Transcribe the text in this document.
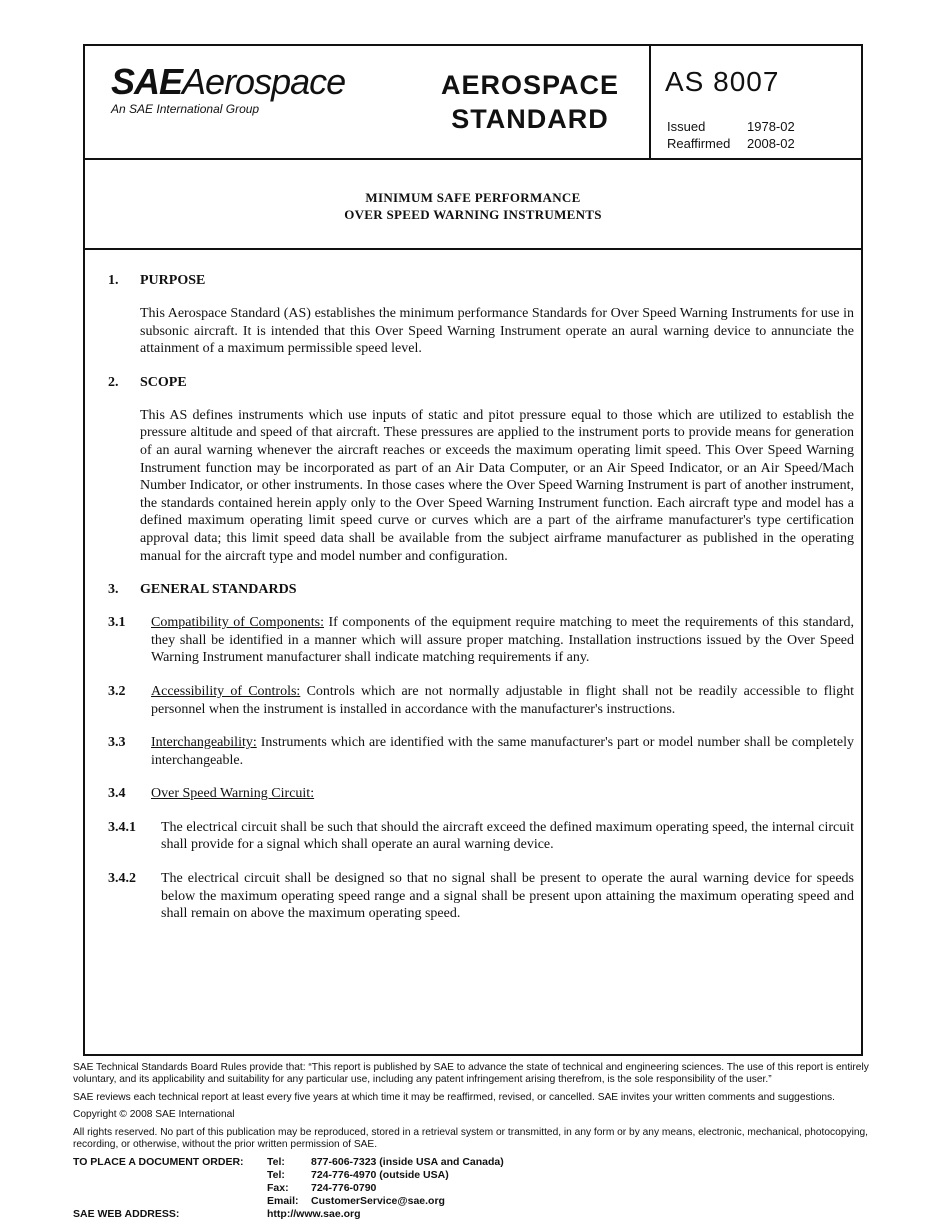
SAEAerospace
An SAE International Group
AEROSPACE
STANDARD
AS 8007
Issued	1978-02
Reaffirmed 2008-02
MINIMUM SAFE PERFORMANCE
OVER SPEED WARNING INSTRUMENTS
1.	PURPOSE

This Aerospace Standard (AS) establishes the minimum performance Standards for Over Speed Warning Instruments for use in subsonic aircraft. It is intended that this Over Speed Warning Instrument operate an aural warning device to annunciate the attainment of a maximum permissible speed level.

2.	SCOPE

This AS defines instruments which use inputs of static and pitot pressure equal to those which are utilized to establish the pressure altitude and speed of that aircraft. These pressures are applied to the instrument ports to provide means for generation of an aural warning whenever the aircraft reaches or exceeds the maximum operating limit speed. This Over Speed Warning Instrument function may be incorporated as part of an Air Data Computer, or an Air Speed Indicator, or an Air Speed/Mach Number Indicator, or other instruments. In those cases where the Over Speed Warning Instrument is part of another instrument, the standards contained herein apply only to the Over Speed Warning Instrument function. Each aircraft type and model has a defined maximum operating limit speed curve or curves which are a part of the airframe manufacturer's type certification approval data; this limit speed data shall be available from the subject airframe manufacturer as published in the operating manual for the aircraft type and model number and configuration.

3.	GENERAL STANDARDS
3.1 Compatibility of Components: If components of the equipment require matching to meet the requirements of this standard, they shall be identified in a manner which will assure proper matching. Installation instructions issued by the Over Speed Warning Instrument manufacturer shall indicate matching requirements if any.
3.2 Accessibility of Controls: Controls which are not normally adjustable in flight shall not be readily accessible to flight personnel when the instrument is installed in accordance with the manufacturer's instructions.
3.3 Interchangeability: Instruments which are identified with the same manufacturer's part or model number shall be completely interchangeable.
3.4 Over Speed Warning Circuit:
3.4.1 The electrical circuit shall be such that should the aircraft exceed the defined maximum operating speed, the internal circuit shall provide for a signal which shall operate an aural warning device.
3.4.2 The electrical circuit shall be designed so that no signal shall be present to operate the aural warning device for speeds below the maximum operating speed range and a signal shall be present upon attaining the maximum operating speed and shall remain on above the maximum operating speed.

SAE Technical Standards Board Rules provide that: “This report is published by SAE to advance the state of technical and engineering sciences. The use of this report is entirely voluntary, and its applicability and suitability for any particular use, including any patent infringement arising therefrom, is the sole responsibility of the user.”

SAE reviews each technical report at least every five years at which time it may be reaffirmed, revised, or cancelled. SAE invites your written comments and suggestions.

Copyright © 2008 SAE International

All rights reserved. No part of this publication may be reproduced, stored in a retrieval system or transmitted, in any form or by any means, electronic, mechanical, photocopying, recording, or otherwise, without the prior written permission of SAE.

TO PLACE A DOCUMENT ORDER: Tel: 877-606-7323 (inside USA and Canada)
Tel: 724-776-4970 (outside USA)
Fax: 724-776-0790
Email: CustomerService@sae.org
SAE WEB ADDRESS:	http://www.sae.org
